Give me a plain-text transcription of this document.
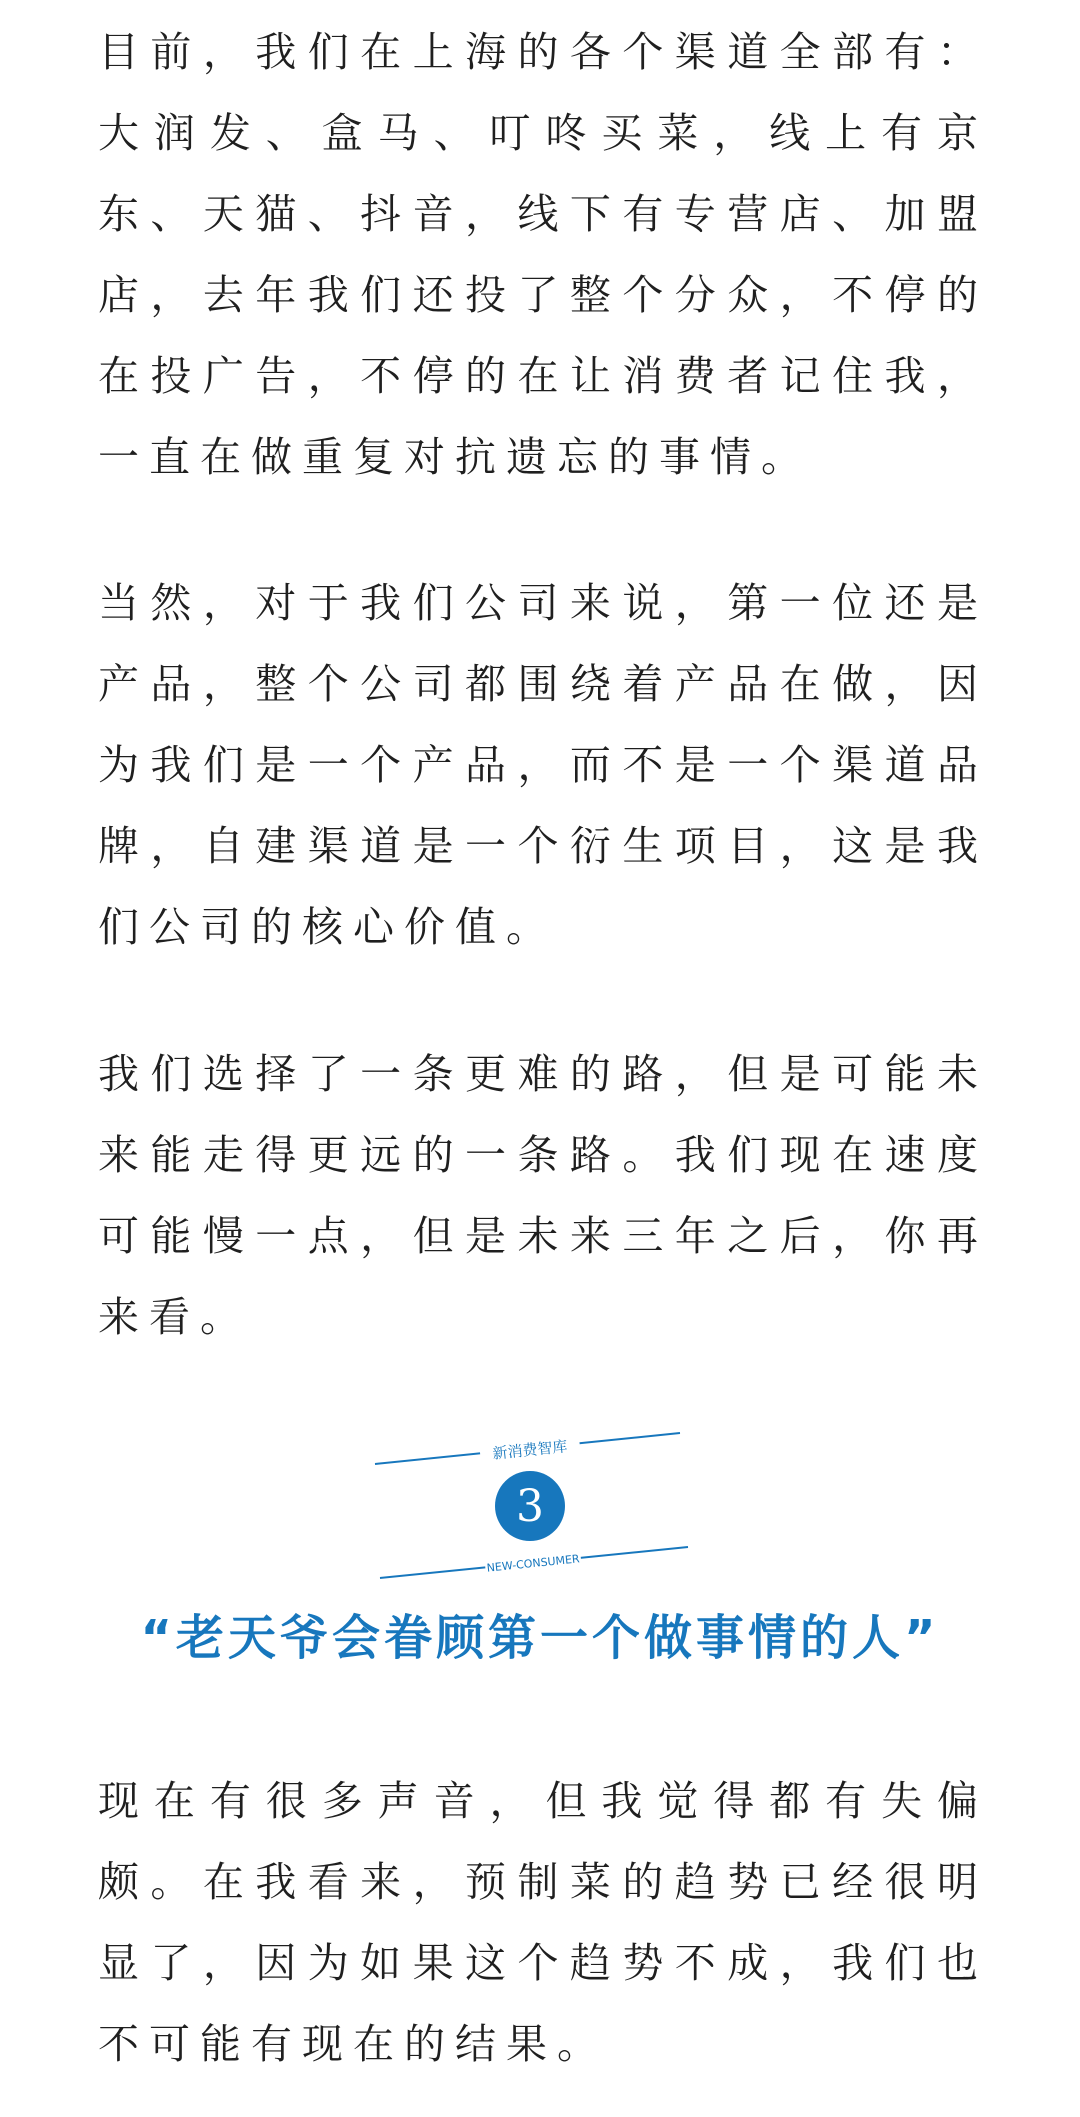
目前，我们在上海的各个渠道全部有：大润发、盒马、叮咚买菜，线上有京东、天猫、抖音，线下有专营店、加盟店，去年我们还投了整个分众，不停的在投广告，不停的在让消费者记住我，一直在做重复对抗遗忘的事情。

当然，对于我们公司来说，第一位还是产品，整个公司都围绕着产品在做，因为我们是一个产品，而不是一个渠道品牌，自建渠道是一个衍生项目，这是我们公司的核心价值。

我们选择了一条更难的路，但是可能未来能走得更远的一条路。我们现在速度可能慢一点，但是未来三年之后，你再来看。

新消费智库
3
NEW-CONSUMER
“老天爷会眷顾第一个做事情的人”

现在有很多声音，但我觉得都有失偏颇。在我看来，预制菜的趋势已经很明显了，因为如果这个趋势不成，我们也不可能有现在的结果。
